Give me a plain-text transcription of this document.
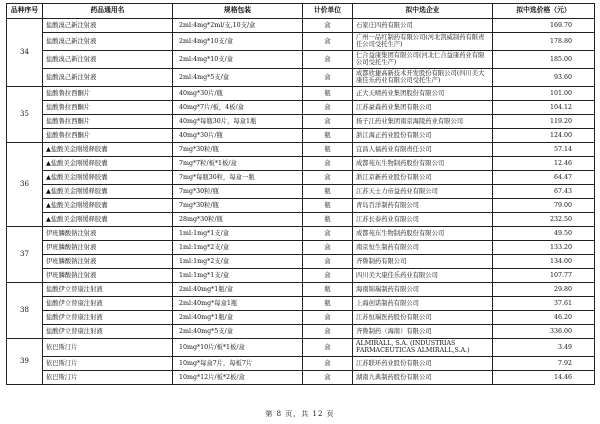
品种序号	药品通用名	规格包装	计价单位	拟中选企业	拟中选价格（元）
34	盐酸溴己新注射液	2ml:4mg*2ml/支,10支/盒	盒	石家庄四药有限公司	169.70
	盐酸溴己新注射液	2ml:4mg*10支/盒	盒	广州一品红制药有限公司(河北凯威制药有限责任公司受托生产)	178.80
	盐酸溴己新注射液	2ml:4mg*10支/盒	盒	仁合益康集团有限公司(河北仁合益康药业有限公司受托生产)	185.00
	盐酸溴己新注射液	2ml:4mg*5支/盒	盒	成都欣捷高新技术开发股份有限公司(四川美大康佳乐药业有限公司受托生产)	93.60
35	盐酸鲁拉西酮片	40mg*30片/瓶	瓶	正大天晴药业集团股份有限公司	101.00
	盐酸鲁拉西酮片	40mg*7片/板，4板/盒	盒	江苏豪森药业集团有限公司	104.12
	盐酸鲁拉西酮片	40mg*每瓶30片，每盒1瓶	盒	扬子江药业集团南京海陵药业有限公司	119.20
	盐酸鲁拉西酮片	40mg*30片/瓶	瓶	浙江海正药业股份有限公司	124.00
36	▲盐酸美金刚缓释胶囊	7mg*30粒/瓶	瓶	宜昌人福药业有限责任公司	57.14
	▲盐酸美金刚缓释胶囊	7mg*7粒/板*1板/盒	盒	成都苑东生物制药股份有限公司	12.46
	▲盐酸美金刚缓释胶囊	7mg*每瓶30粒，每盒一瓶	盒	浙江京新药业股份有限公司	64.47
	▲盐酸美金刚缓释胶囊	7mg*30粒/瓶	瓶	江苏天士力帝益药业有限公司	67.43
	▲盐酸美金刚缓释胶囊	7mg*30粒/瓶	瓶	青岛百洋制药有限公司	79.00
	▲盐酸美金刚缓释胶囊	28mg*30粒/瓶	瓶	江苏长泰药业有限公司	232.50
37	伊班膦酸钠注射液	1ml:1mg*1支/盒	盒	成都苑东生物制药股份有限公司	49.50
	伊班膦酸钠注射液	1ml:1mg*2支/盒	盒	南京恒生制药有限公司	133.20
	伊班膦酸钠注射液	1ml:1mg*2支/盒	盒	齐鲁制药有限公司	134.00
	伊班膦酸钠注射液	1ml:1mg*1支/盒	盒	四川美大康佳乐药业有限公司	107.77
38	盐酸伊立替康注射液	2ml:40mg*1瓶/盒	瓶	海南锦瑞制药有限公司	29.80
	盐酸伊立替康注射液	2ml:40mg*每盒1瓶	瓶	上海创诺制药有限公司	37.61
	盐酸伊立替康注射液	2ml:40mg*1瓶/盒	盒	江苏恒瑞医药股份有限公司	46.20
	盐酸伊立替康注射液	2ml:40mg*5支/盒	盒	齐鲁制药（海南）有限公司	336.00
39	依巴斯汀片	10mg*10片/板*1板/盒	盒	ALMIRALL, S.A. (INDUSTRIAS FARMACEUTICAS ALMIRALL,S.A.)	3.49
	依巴斯汀片	10mg*每盒7片，每板7片	盒	江苏联环药业股份有限公司	7.92
	依巴斯汀片	10mg*12片/板*2板/盒	盒	湖南九典制药股份有限公司	14.46
第 8 页，共 12 页
